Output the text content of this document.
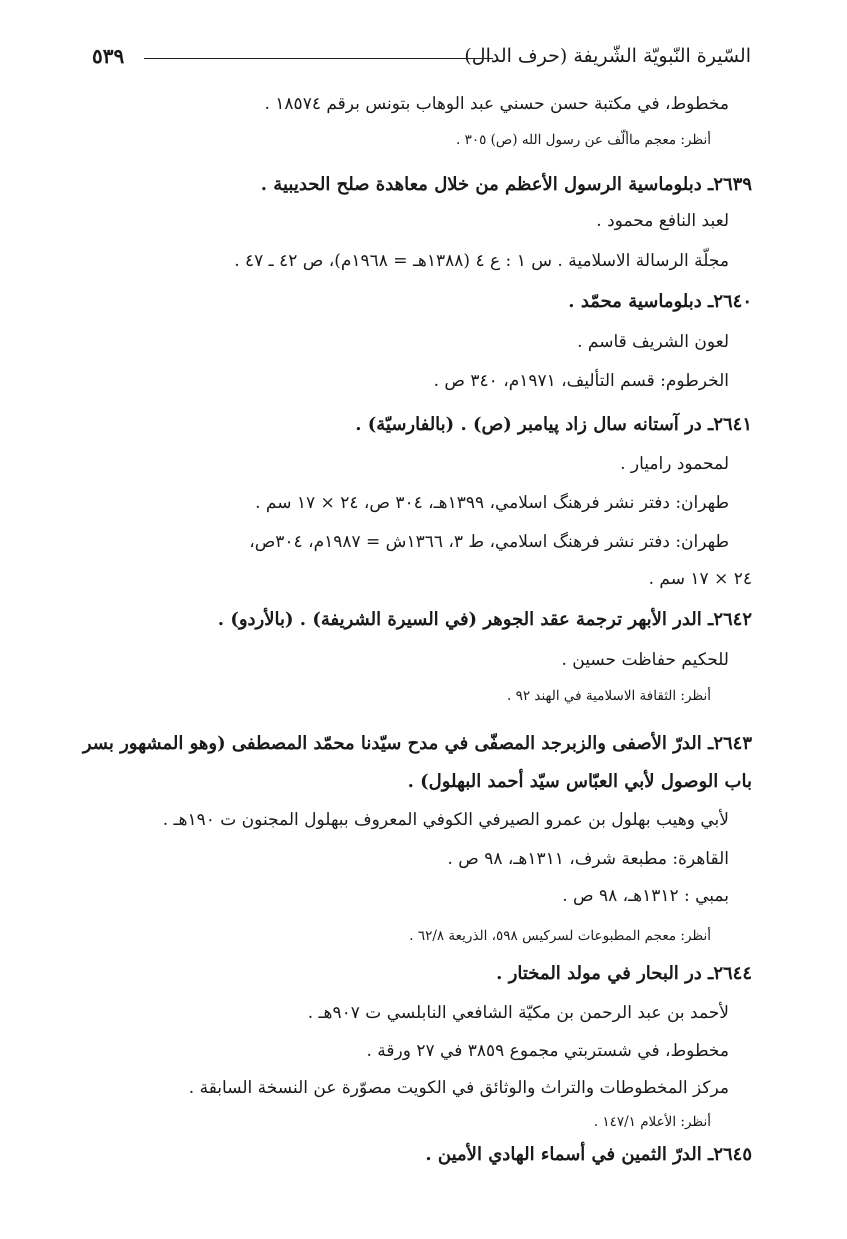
السّيرة النّبويّة الشّريفة (حرف الدال)
٥٣٩
مخطوط، في مكتبة حسن حسني عبد الوهاب بتونس برقم ١٨٥٧٤ .
أنظر: معجم ماألّف عن رسول الله (ص) ٣٠٥ .
٢٦٣٩ـ دبلوماسية الرسول الأعظم من خلال معاهدة صلح الحديبية .
لعبد النافع محمود .
مجلّة الرسالة الاسلامية . س ١ : ع ٤ (١٣٨٨هـ = ١٩٦٨م)، ص ٤٢ ـ ٤٧ .
٢٦٤٠ـ دبلوماسية محمّد .
لعون الشريف قاسم .
الخرطوم: قسم التأليف، ١٩٧١م، ٣٤٠ ص .
٢٦٤١ـ در آستانه سال زاد پيامبر (ص) . (بالفارسيّة) .
لمحمود راميار .
طهران: دفتر نشر فرهنگ اسلامي، ١٣٩٩هـ، ٣٠٤ ص، ٢٤ × ١٧ سم .
طهران: دفتر نشر فرهنگ اسلامي، ط ٣، ١٣٦٦ش = ١٩٨٧م، ٣٠٤ص،
٢٤ × ١٧ سم .
٢٦٤٢ـ الدر الأبهر ترجمة عقد الجوهر (في السيرة الشريفة) . (بالأردو) .
للحكيم حفاظت حسين .
أنظر: الثقافة الاسلامية في الهند ٩٢ .
٢٦٤٣ـ الدرّ الأصفى والزبرجد المصفّى في مدح سيّدنا محمّد المصطفى (وهو المشهور بسر
باب الوصول لأبي العبّاس سيّد أحمد البهلول) .
لأبي وهيب بهلول بن عمرو الصيرفي الكوفي المعروف ببهلول المجنون ت ١٩٠هـ .
القاهرة: مطبعة شرف، ١٣١١هـ، ٩٨ ص .
بمبي : ١٣١٢هـ، ٩٨ ص .
أنظر: معجم المطبوعات لسركيس ٥٩٨، الذريعة ٦٢/٨ .
٢٦٤٤ـ در البحار في مولد المختار .
لأحمد بن عبد الرحمن بن مكيّة الشافعي النابلسي ت ٩٠٧هـ .
مخطوط، في شستربتي مجموع ٣٨٥٩ في ٢٧ ورقة .
مركز المخطوطات والتراث والوثائق في الكويت مصوّرة عن النسخة السابقة .
أنظر: الأعلام ١٤٧/١ .
٢٦٤٥ـ الدرّ الثمين في أسماء الهادي الأمين .
